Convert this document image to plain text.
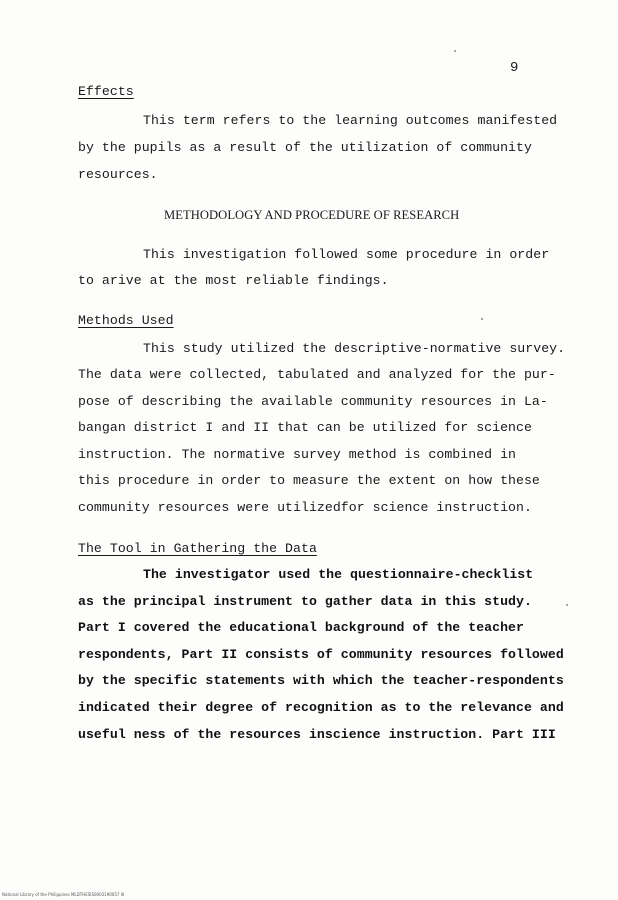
9
Effects
This term refers to the learning outcomes manifested
by the pupils as a result of the utilization of community
resources.
METHODOLOGY AND PROCEDURE OF RESEARCH
This investigation followed some procedure in order
to arive at the most reliable findings.
Methods Used
This study utilized the descriptive-normative survey.
The data were collected, tabulated and analyzed for the pur-
pose of describing the available community resources in La-
bangan district I and II that can be utilized for science
instruction. The normative survey method is combined in
this procedure in order to measure the extent on how these
community resources were utilizedfor science instruction.
The Tool in Gathering the Data
The investigator used the questionnaire-checklist
as the principal instrument to gather data in this study.
Part I covered the educational background of the teacher
respondents, Part II consists of community resources followed
by the specific statements with which the teacher-respondents
indicated their degree of recognition as to the relevance and
useful ness of the resources inscience instruction. Part III
National Library of the Philippines MLDTHESIS0003190057 III
